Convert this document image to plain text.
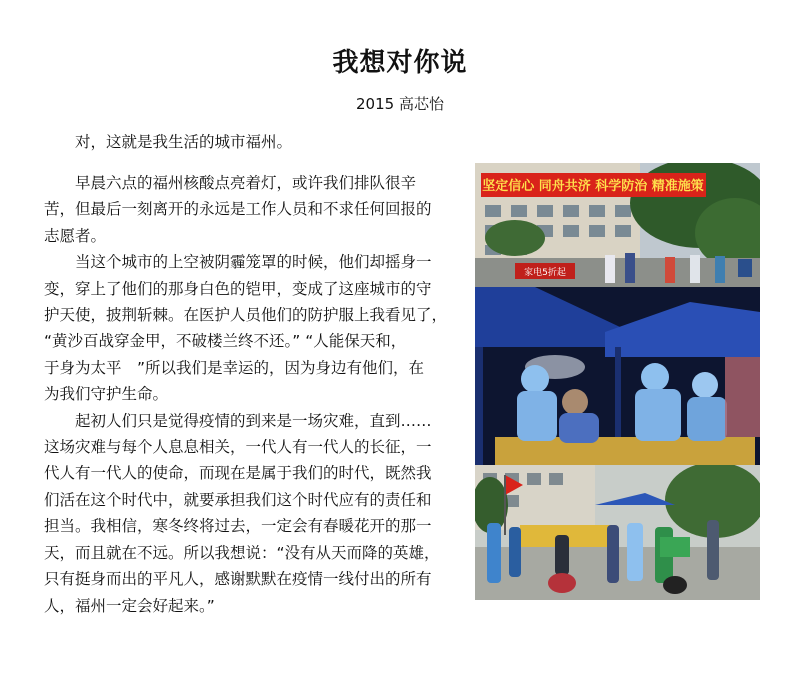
我想对你说
2015 高芯怡
对，这就是我生活的城市福州。
早晨六点的福州核酸点亮着灯，或许我们排队很辛
苦，但最后一刻离开的永远是工作人员和不求任何回报的
志愿者。
当这个城市的上空被阴霾笼罩的时候，他们却摇身一
变，穿上了他们的那身白色的铠甲，变成了这座城市的守
护天使，披荆斩棘。在医护人员他们的防护服上我看见了，
“黄沙百战穿金甲，不破楼兰终不还。” “人能保天和，
于身为太平　”所以我们是幸运的，因为身边有他们，在
为我们守护生命。
起初人们只是觉得疫情的到来是一场灾难，直到……
这场灾难与每个人息息相关，一代人有一代人的长征，一
代人有一代人的使命，而现在是属于我们的时代，既然我
们活在这个时代中，就要承担我们这个时代应有的责任和
担当。我相信，寒冬终将过去，一定会有春暖花开的那一
天，而且就在不远。所以我想说：“没有从天而降的英雄，
只有挺身而出的平凡人，感谢默默在疫情一线付出的所有
人，福州一定会好起来。”
坚定信心 同舟共济 科学防治 精准施策
家电5折起
